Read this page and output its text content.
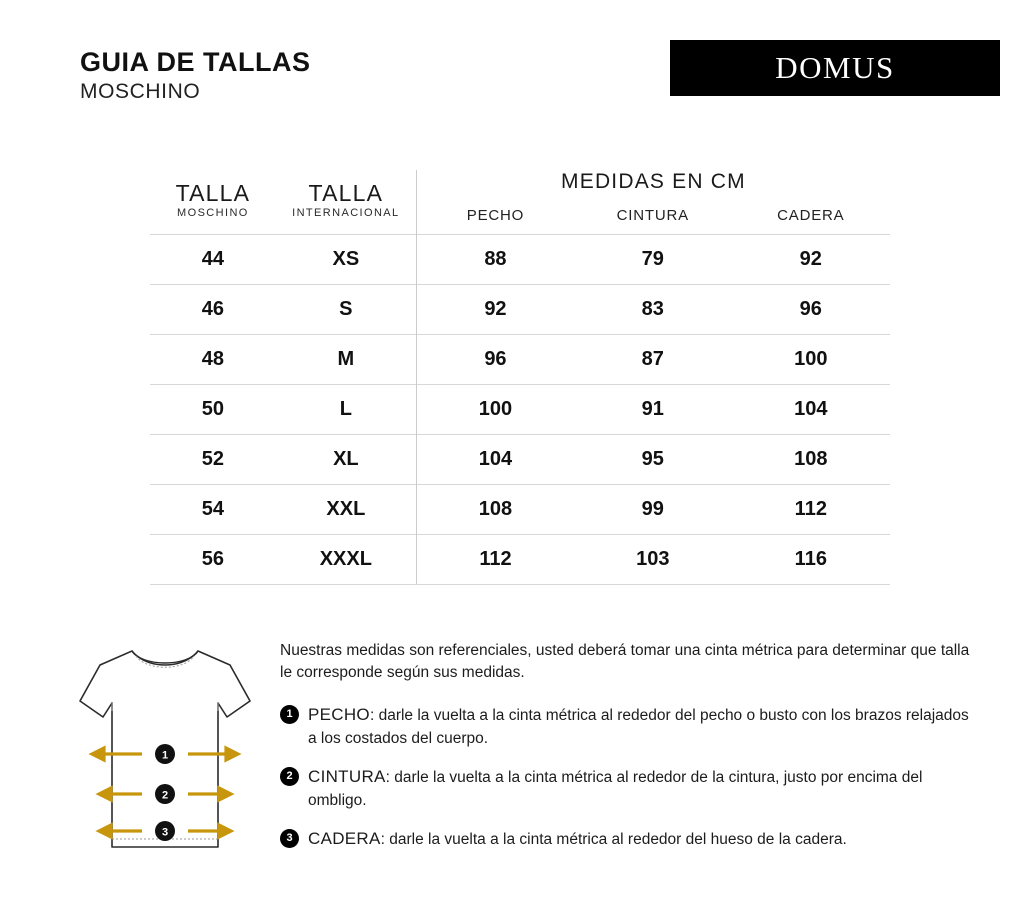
GUIA DE TALLAS
MOSCHINO
DOMUS
TALLA
MOSCHINO

TALLA
INTERNACIONAL

MEDIDAS EN CM

		PECHO	CINTURA	CADERA
44	XS	88	79	92
46	S	92	83	96
48	M	96	87	100
50	L	100	91	104
52	XL	104	95	108
54	XXL	108	99	112
56	XXXL	112	103	116
1
2
3

Nuestras medidas son referenciales, usted deberá tomar una cinta métrica para determinar que talla le corresponde según sus medidas.

1 PECHO: darle la vuelta a la cinta métrica al rededor del pecho o busto con los brazos relajados a los costados del cuerpo.
2 CINTURA: darle la vuelta a la cinta métrica al rededor de la cintura, justo por encima del ombligo.
3 CADERA: darle la vuelta a la cinta métrica al rededor del hueso de la cadera.
